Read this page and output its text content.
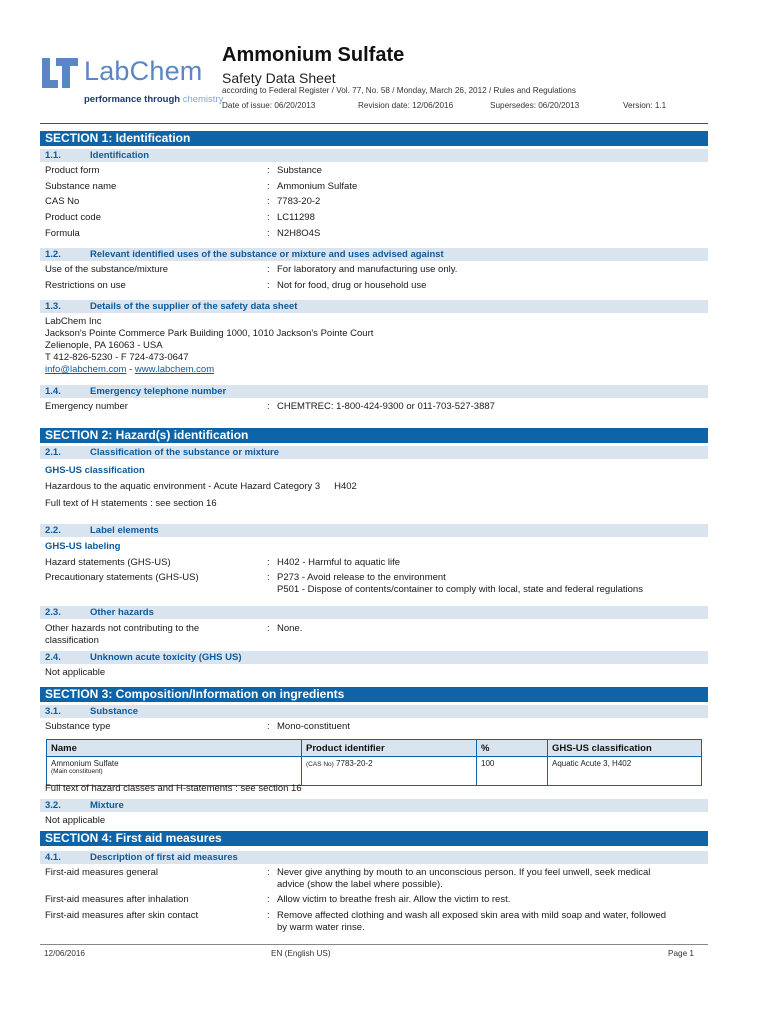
LabChem
performance through chemistry
Ammonium Sulfate
Safety Data Sheet
according to Federal Register / Vol. 77, No. 58 / Monday, March 26, 2012 / Rules and Regulations
Date of issue: 06/20/2013	Revision date: 12/06/2016	Supersedes: 06/20/2013	Version: 1.1
SECTION 1: Identification
1.1.	Identification
Product form	: Substance
Substance name	: Ammonium Sulfate
CAS No	: 7783-20-2
Product code	: LC11298
Formula	: N2H8O4S
1.2.	Relevant identified uses of the substance or mixture and uses advised against
Use of the substance/mixture	: For laboratory and manufacturing use only.
Restrictions on use	: Not for food, drug or household use
1.3.	Details of the supplier of the safety data sheet
LabChem Inc
Jackson's Pointe Commerce Park Building 1000, 1010 Jackson's Pointe Court
Zelienople, PA 16063 - USA
T 412-826-5230 - F 724-473-0647
info@labchem.com - www.labchem.com
1.4.	Emergency telephone number
Emergency number	: CHEMTREC: 1-800-424-9300 or 011-703-527-3887
SECTION 2: Hazard(s) identification
2.1.	Classification of the substance or mixture
GHS-US classification
Hazardous to the aquatic environment - Acute Hazard Category 3 H402
Full text of H statements : see section 16
2.2.	Label elements
GHS-US labeling
Hazard statements (GHS-US)	: H402 - Harmful to aquatic life
Precautionary statements (GHS-US)	: P273 - Avoid release to the environment
P501 - Dispose of contents/container to comply with local, state and federal regulations
2.3.	Other hazards
Other hazards not contributing to the
classification
: None.
2.4.	Unknown acute toxicity (GHS US)
Not applicable
SECTION 3: Composition/Information on ingredients
3.1.	Substance
Substance type	: Mono-constituent
Name	Product identifier	%	GHS-US classification
Ammonium Sulfate
(Main constituent)	(CAS No) 7783-20-2	100	Aquatic Acute 3, H402
Full text of hazard classes and H-statements : see section 16
3.2.	Mixture
Not applicable
SECTION 4: First aid measures
4.1.	Description of first aid measures
First-aid measures general	: Never give anything by mouth to an unconscious person. If you feel unwell, seek medical
advice (show the label where possible).
First-aid measures after inhalation	: Allow victim to breathe fresh air. Allow the victim to rest.
First-aid measures after skin contact	: Remove affected clothing and wash all exposed skin area with mild soap and water, followed
by warm water rinse.
12/06/2016	EN (English US)	Page 1
